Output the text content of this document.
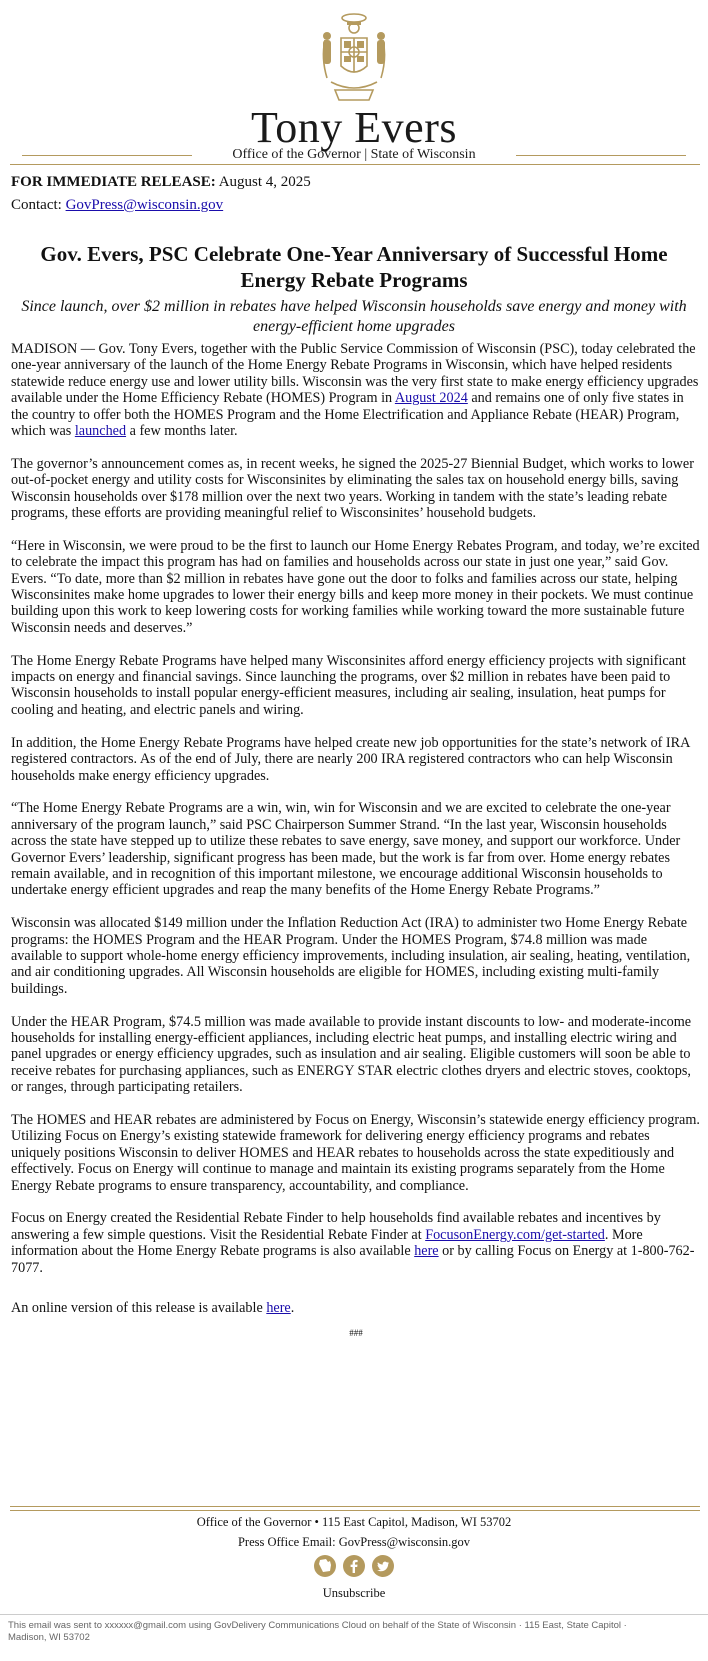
Tony Evers
Office of the Governor | State of Wisconsin
FOR IMMEDIATE RELEASE: August 4, 2025
Contact: GovPress@wisconsin.gov
Gov. Evers, PSC Celebrate One-Year Anniversary of Successful Home Energy Rebate Programs
Since launch, over $2 million in rebates have helped Wisconsin households save energy and money with energy-efficient home upgrades

MADISON — Gov. Tony Evers, together with the Public Service Commission of Wisconsin (PSC), today celebrated the one-year anniversary of the launch of the Home Energy Rebate Programs in Wisconsin, which have helped residents statewide reduce energy use and lower utility bills. Wisconsin was the very first state to make energy efficiency upgrades available under the Home Efficiency Rebate (HOMES) Program in August 2024 and remains one of only five states in the country to offer both the HOMES Program and the Home Electrification and Appliance Rebate (HEAR) Program, which was launched a few months later.

The governor’s announcement comes as, in recent weeks, he signed the 2025-27 Biennial Budget, which works to lower out-of-pocket energy and utility costs for Wisconsinites by eliminating the sales tax on household energy bills, saving Wisconsin households over $178 million over the next two years. Working in tandem with the state’s leading rebate programs, these efforts are providing meaningful relief to Wisconsinites’ household budgets.

“Here in Wisconsin, we were proud to be the first to launch our Home Energy Rebates Program, and today, we’re excited to celebrate the impact this program has had on families and households across our state in just one year,” said Gov. Evers. “To date, more than $2 million in rebates have gone out the door to folks and families across our state, helping Wisconsinites make home upgrades to lower their energy bills and keep more money in their pockets. We must continue building upon this work to keep lowering costs for working families while working toward the more sustainable future Wisconsin needs and deserves.”

The Home Energy Rebate Programs have helped many Wisconsinites afford energy efficiency projects with significant impacts on energy and financial savings. Since launching the programs, over $2 million in rebates have been paid to Wisconsin households to install popular energy-efficient measures, including air sealing, insulation, heat pumps for cooling and heating, and electric panels and wiring.

In addition, the Home Energy Rebate Programs have helped create new job opportunities for the state’s network of IRA registered contractors. As of the end of July, there are nearly 200 IRA registered contractors who can help Wisconsin households make energy efficiency upgrades.

“The Home Energy Rebate Programs are a win, win, win for Wisconsin and we are excited to celebrate the one-year anniversary of the program launch,” said PSC Chairperson Summer Strand. “In the last year, Wisconsin households across the state have stepped up to utilize these rebates to save energy, save money, and support our workforce. Under Governor Evers’ leadership, significant progress has been made, but the work is far from over. Home energy rebates remain available, and in recognition of this important milestone, we encourage additional Wisconsin households to undertake energy efficient upgrades and reap the many benefits of the Home Energy Rebate Programs.”

Wisconsin was allocated $149 million under the Inflation Reduction Act (IRA) to administer two Home Energy Rebate programs: the HOMES Program and the HEAR Program. Under the HOMES Program, $74.8 million was made available to support whole-home energy efficiency improvements, including insulation, air sealing, heating, ventilation, and air conditioning upgrades. All Wisconsin households are eligible for HOMES, including existing multi-family buildings.

Under the HEAR Program, $74.5 million was made available to provide instant discounts to low- and moderate-income households for installing energy-efficient appliances, including electric heat pumps, and installing electric wiring and panel upgrades or energy efficiency upgrades, such as insulation and air sealing. Eligible customers will soon be able to receive rebates for purchasing appliances, such as ENERGY STAR electric clothes dryers and electric stoves, cooktops, or ranges, through participating retailers.

The HOMES and HEAR rebates are administered by Focus on Energy, Wisconsin’s statewide energy efficiency program. Utilizing Focus on Energy’s existing statewide framework for delivering energy efficiency programs and rebates uniquely positions Wisconsin to deliver HOMES and HEAR rebates to households across the state expeditiously and effectively. Focus on Energy will continue to manage and maintain its existing programs separately from the Home Energy Rebate programs to ensure transparency, accountability, and compliance.

Focus on Energy created the Residential Rebate Finder to help households find available rebates and incentives by answering a few simple questions. Visit the Residential Rebate Finder at FocusonEnergy.com/get-started. More information about the Home Energy Rebate programs is also available here or by calling Focus on Energy at 1-800-762-7077.

An online version of this release is available here.

###
Office of the Governor • 115 East Capitol, Madison, WI 53702
Press Office Email: GovPress@wisconsin.gov
Unsubscribe
This email was sent to xxxxxx@gmail.com using GovDelivery Communications Cloud on behalf of the State of Wisconsin · 115 East, State Capitol · Madison, WI 53702
